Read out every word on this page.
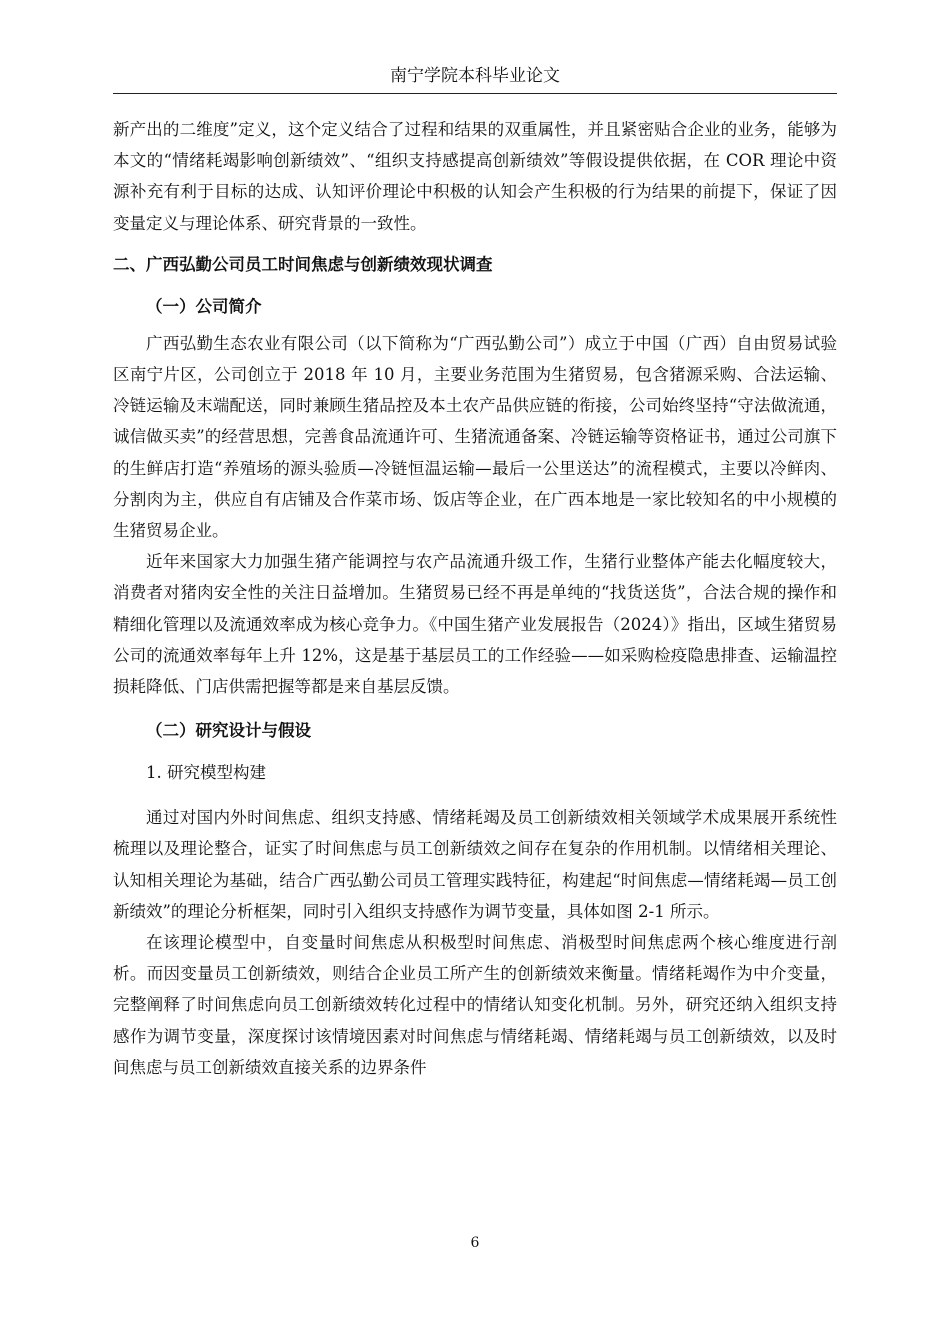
南宁学院本科毕业论文

新产出的二维度”定义，这个定义结合了过程和结果的双重属性，并且紧密贴合企业的业务，能够为本文的“情绪耗竭影响创新绩效”、“组织支持感提高创新绩效”等假设提供依据，在 COR 理论中资源补充有利于目标的达成、认知评价理论中积极的认知会产生积极的行为结果的前提下，保证了因变量定义与理论体系、研究背景的一致性。

二、广西弘勤公司员工时间焦虑与创新绩效现状调查

（一）公司简介

广西弘勤生态农业有限公司（以下简称为“广西弘勤公司”）成立于中国（广西）自由贸易试验区南宁片区，公司创立于 2018 年 10 月，主要业务范围为生猪贸易，包含猪源采购、合法运输、冷链运输及末端配送，同时兼顾生猪品控及本土农产品供应链的衔接，公司始终坚持“守法做流通，诚信做买卖”的经营思想，完善食品流通许可、生猪流通备案、冷链运输等资格证书，通过公司旗下的生鲜店打造“养殖场的源头验质—冷链恒温运输—最后一公里送达”的流程模式，主要以冷鲜肉、分割肉为主，供应自有店铺及合作菜市场、饭店等企业，在广西本地是一家比较知名的中小规模的生猪贸易企业。

近年来国家大力加强生猪产能调控与农产品流通升级工作，生猪行业整体产能去化幅度较大，消费者对猪肉安全性的关注日益增加。生猪贸易已经不再是单纯的“找货送货”，合法合规的操作和精细化管理以及流通效率成为核心竞争力。《中国生猪产业发展报告（2024）》指出，区域生猪贸易公司的流通效率每年上升 12%，这是基于基层员工的工作经验——如采购检疫隐患排查、运输温控损耗降低、门店供需把握等都是来自基层反馈。

（二）研究设计与假设

1. 研究模型构建

通过对国内外时间焦虑、组织支持感、情绪耗竭及员工创新绩效相关领域学术成果展开系统性梳理以及理论整合，证实了时间焦虑与员工创新绩效之间存在复杂的作用机制。以情绪相关理论、认知相关理论为基础，结合广西弘勤公司员工管理实践特征，构建起“时间焦虑—情绪耗竭—员工创新绩效”的理论分析框架，同时引入组织支持感作为调节变量，具体如图 2-1 所示。

在该理论模型中，自变量时间焦虑从积极型时间焦虑、消极型时间焦虑两个核心维度进行剖析。而因变量员工创新绩效，则结合企业员工所产生的创新绩效来衡量。情绪耗竭作为中介变量，完整阐释了时间焦虑向员工创新绩效转化过程中的情绪认知变化机制。另外，研究还纳入组织支持感作为调节变量，深度探讨该情境因素对时间焦虑与情绪耗竭、情绪耗竭与员工创新绩效，以及时间焦虑与员工创新绩效直接关系的边界条件

6
